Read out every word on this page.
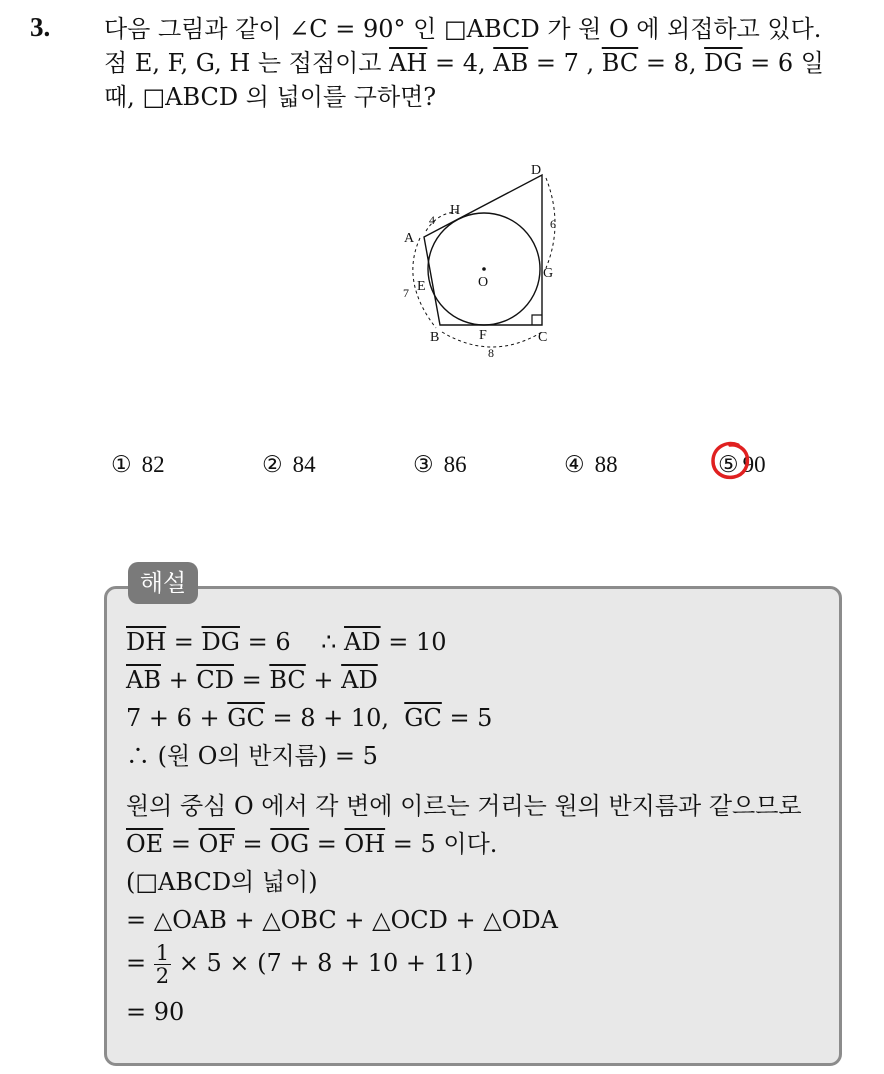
3. 다음 그림과 같이 ∠C = 90° 인 □ABCD 가 원 O 에 외접하고 있다.
점 E, F, G, H 는 접점이고 $\overline{AH} = 4$, $\overline{AB} = 7$ , $\overline{BC} = 8$, $\overline{DG} = 6$ 일
때, □ABCD 의 넓이를 구하면?
A
B	C
D
E
F
G
H
O
4
7
8
6
① 82	② 84	③ 86	④ 88	⑤ 90
해설
$\overline{DH} = \overline{DG} = 6$    ∴ $\overline{AD} = 10$
$\overline{AB} + \overline{CD} = \overline{BC} + \overline{AD}$
$7 + 6 + \overline{GC} = 8 + 10$,  $\overline{GC} = 5$
∴ (원 O의 반지름) = 5
원의 중심 O 에서 각 변에 이르는 거리는 원의 반지름과 같으므로
$\overline{OE} = \overline{OF} = \overline{OG} = \overline{OH} = 5$ 이다.
(□ABCD의 넓이)
= △OAB + △OBC + △OCD + △ODA
= $\frac{1}{2} \times 5 \times (7 + 8 + 10 + 11)$
= 90
